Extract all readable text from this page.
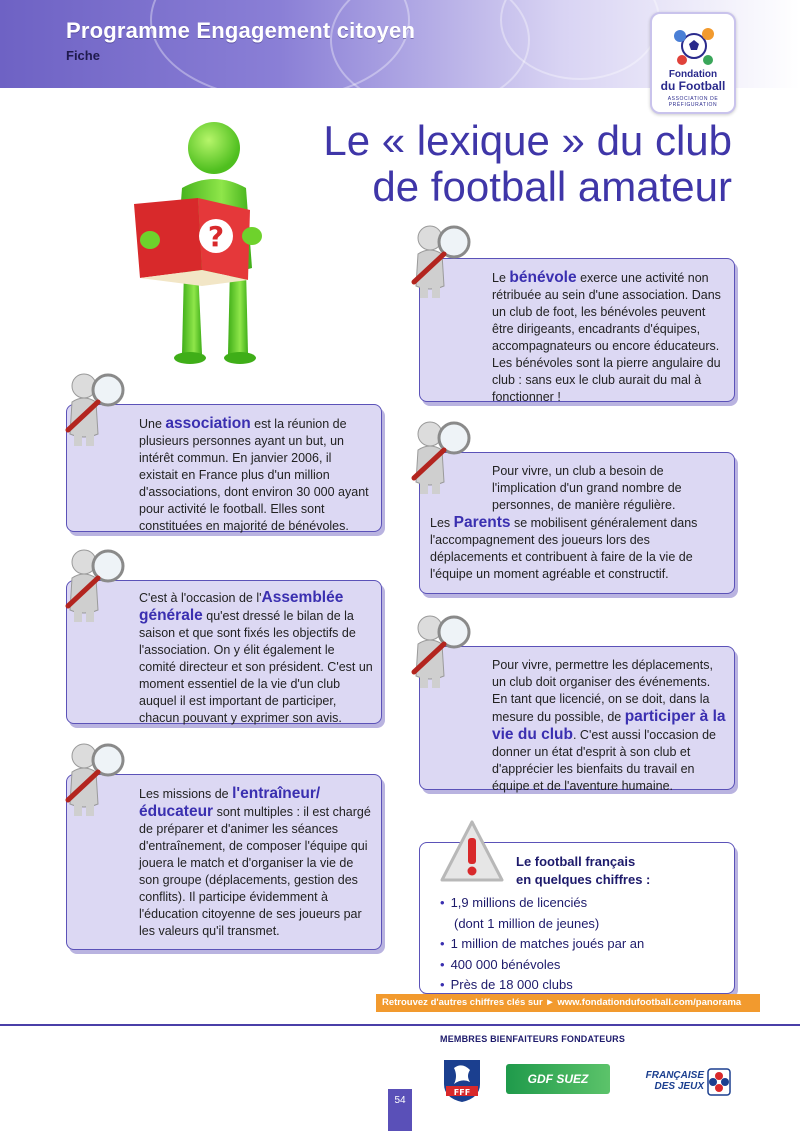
Programme Engagement citoyen
Fiche
Fondation
du Football
ASSOCIATION DE PRÉFIGURATION
Le « lexique » du club
de football amateur
?
Le bénévole exerce une activité non rétribuée au sein d'une association. Dans un club de foot, les bénévoles peuvent être dirigeants, encadrants d'équipes, accompagnateurs ou encore éducateurs. Les bénévoles sont la pierre angulaire du club : sans eux le club aurait du mal à fonctionner !
Une association est la réunion de plusieurs personnes ayant un but, un intérêt commun. En janvier 2006, il existait en France plus d'un million d'associations, dont environ 30 000 ayant pour activité le football. Elles sont constituées en majorité de bénévoles.
Pour vivre, un club a besoin de l'implication d'un grand nombre de personnes, de manière régulière.
Les Parents se mobilisent généralement dans l'accompagnement des joueurs lors des déplacements et contribuent à faire de la vie de l'équipe un moment agréable et constructif.
C'est à l'occasion de l'Assemblée générale qu'est dressé le bilan de la saison et que sont fixés les objectifs de l'association. On y élit également le comité directeur et son président. C'est un moment essentiel de la vie d'un club auquel il est important de participer, chacun pouvant y exprimer son avis.
Pour vivre, permettre les déplacements, un club doit organiser des événements. En tant que licencié, on se doit, dans la mesure du possible, de participer à la vie du club. C'est aussi l'occasion de donner un état d'esprit à son club et d'apprécier les bienfaits du travail en équipe et de l'aventure humaine.
Les missions de l'entraîneur/éducateur sont multiples : il est chargé de préparer et d'animer les séances d'entraînement, de composer l'équipe qui jouera le match et d'organiser la vie de son groupe (déplacements, gestion des conflits). Il participe évidemment à l'éducation citoyenne de ses joueurs par les valeurs qu'il transmet.
Le football français
en quelques chiffres :
• 1,9 millions de licenciés
(dont 1 million de jeunes)
• 1 million de matches joués par an
• 400 000 bénévoles
• Près de 18 000 clubs
Retrouvez d'autres chiffres clés sur ► www.fondationdufootball.com/panorama
MEMBRES BIENFAITEURS FONDATEURS
FFF
GDF SUEZ	FRANÇAISE
DES JEUX
54
